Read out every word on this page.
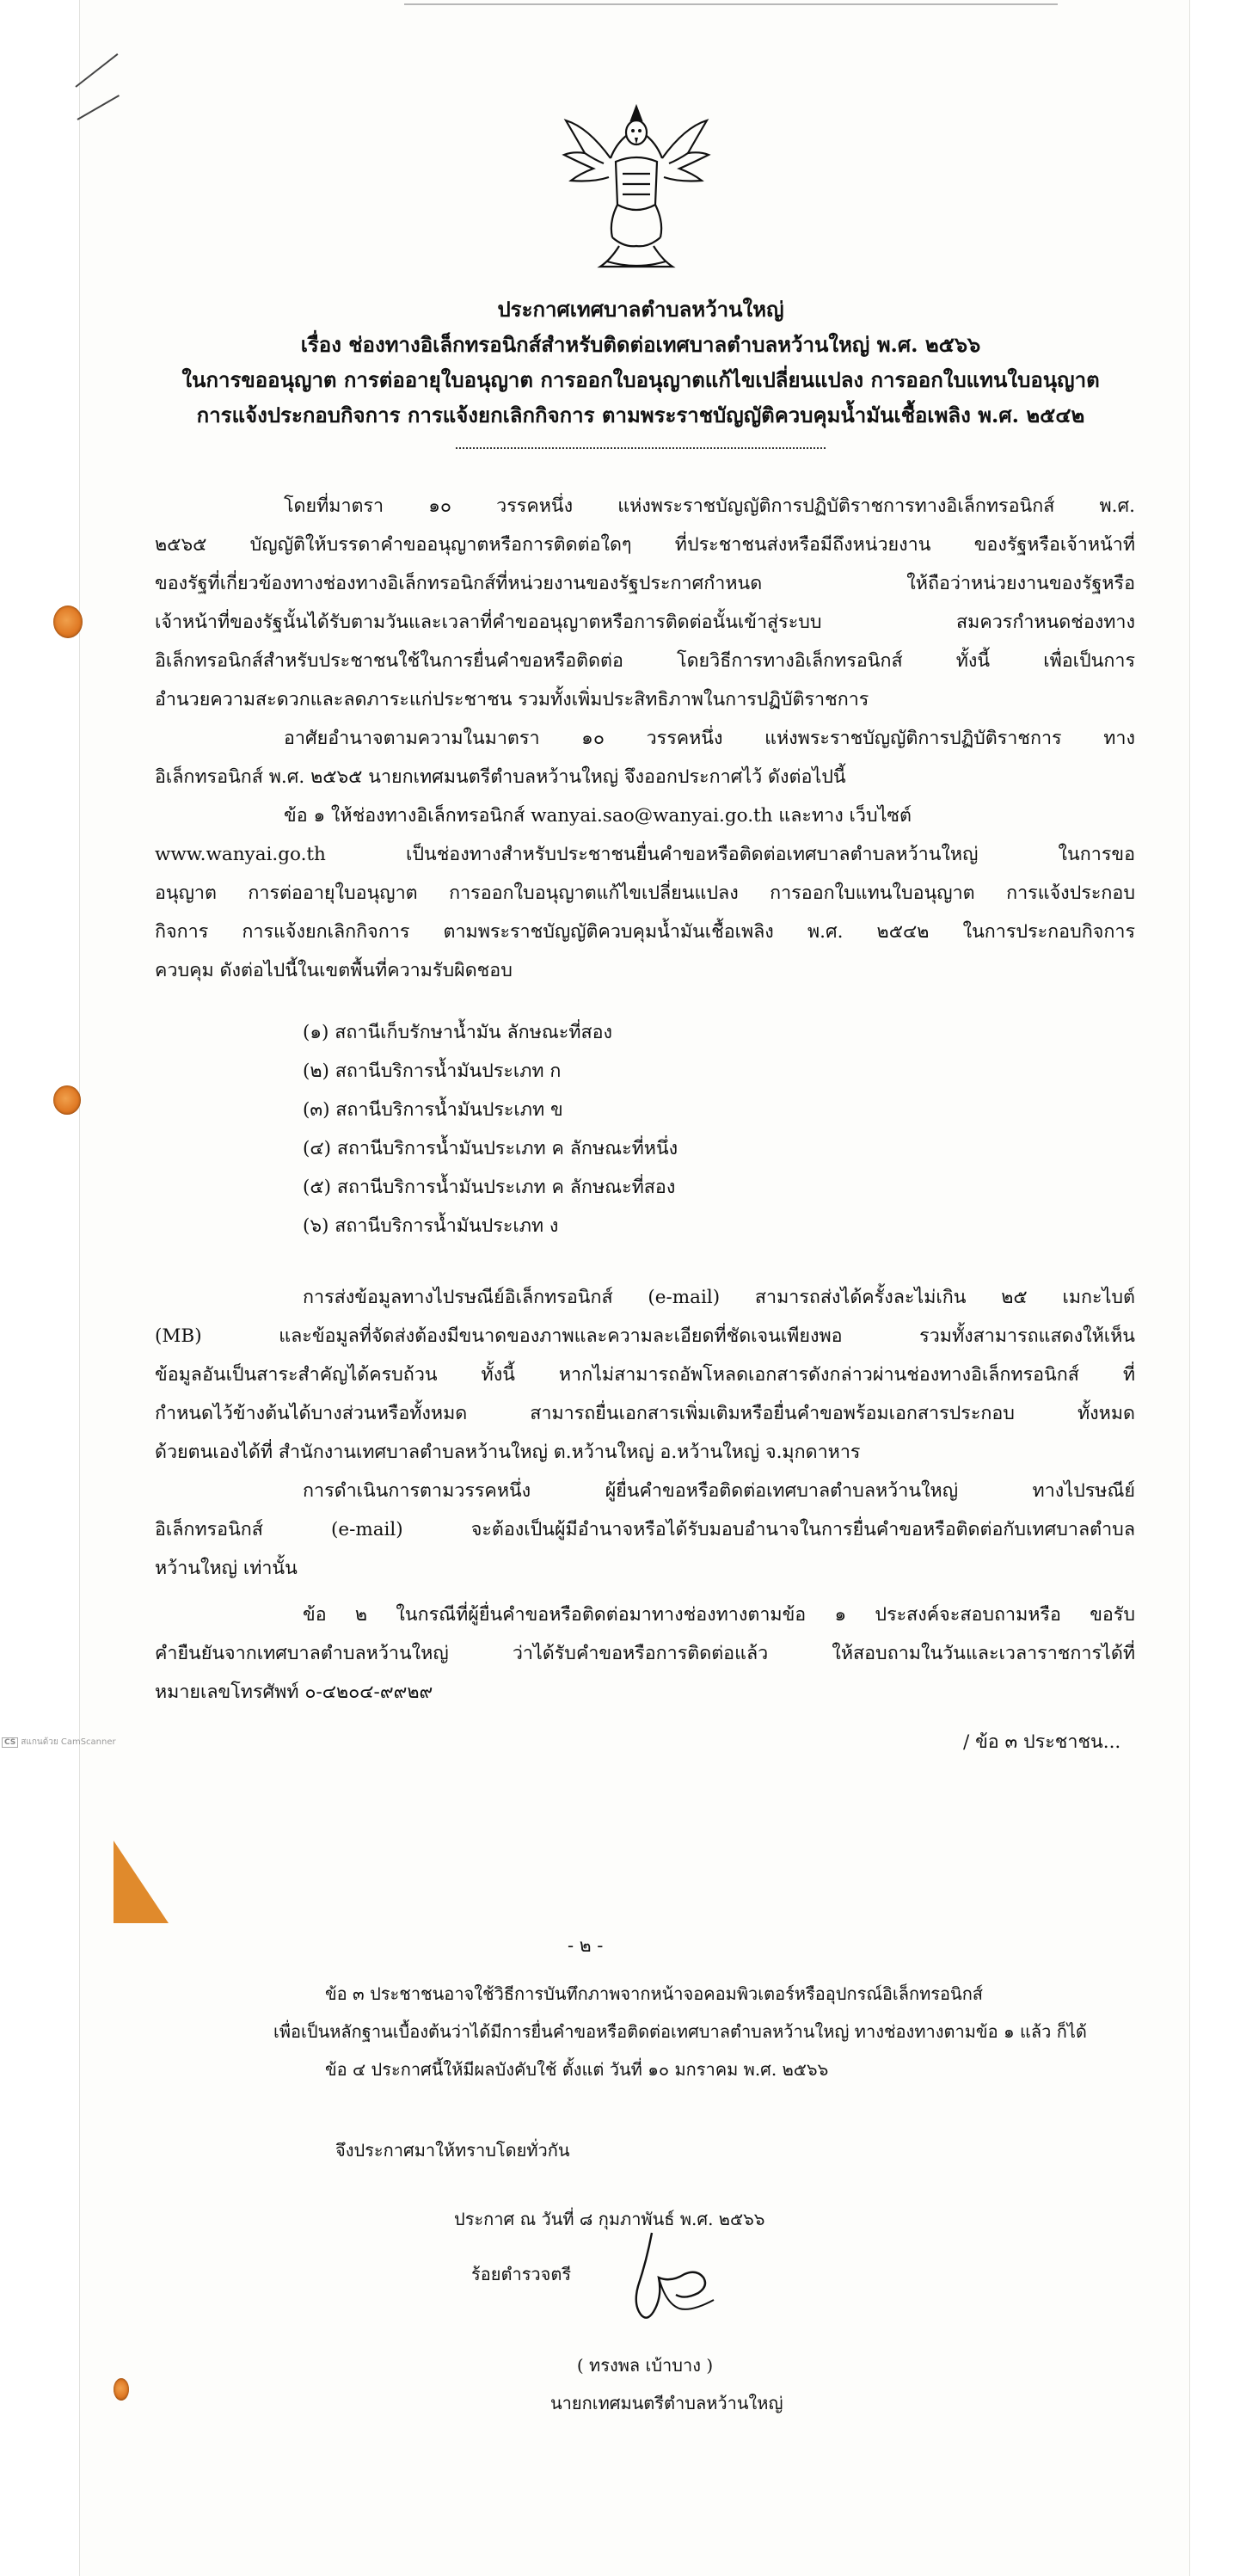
ประกาศเทศบาลตำบลหว้านใหญ่
เรื่อง ช่องทางอิเล็กทรอนิกส์สำหรับติดต่อเทศบาลตำบลหว้านใหญ่ พ.ศ. ๒๕๖๖
ในการขออนุญาต การต่ออายุใบอนุญาต การออกใบอนุญาตแก้ไขเปลี่ยนแปลง การออกใบแทนใบอนุญาต
การแจ้งประกอบกิจการ การแจ้งยกเลิกกิจการ ตามพระราชบัญญัติควบคุมน้ำมันเชื้อเพลิง พ.ศ. ๒๕๔๒

โดยที่มาตรา ๑๐ วรรคหนึ่ง แห่งพระราชบัญญัติการปฏิบัติราชการทางอิเล็กทรอนิกส์ พ.ศ.

๒๕๖๕ บัญญัติให้บรรดาคำขออนุญาตหรือการติดต่อใดๆ ที่ประชาชนส่งหรือมีถึงหน่วยงาน ของรัฐหรือเจ้าหน้าที่

ของรัฐที่เกี่ยวข้องทางช่องทางอิเล็กทรอนิกส์ที่หน่วยงานของรัฐประกาศกำหนด ให้ถือว่าหน่วยงานของรัฐหรือ

เจ้าหน้าที่ของรัฐนั้นได้รับตามวันและเวลาที่คำขออนุญาตหรือการติดต่อนั้นเข้าสู่ระบบ สมควรกำหนดช่องทาง

อิเล็กทรอนิกส์สำหรับประชาชนใช้ในการยื่นคำขอหรือติดต่อ โดยวิธีการทางอิเล็กทรอนิกส์ ทั้งนี้ เพื่อเป็นการ

อำนวยความสะดวกและลดภาระแก่ประชาชน รวมทั้งเพิ่มประสิทธิภาพในการปฏิบัติราชการ

อาศัยอำนาจตามความในมาตรา ๑๐ วรรคหนึ่ง แห่งพระราชบัญญัติการปฏิบัติราชการ ทาง

อิเล็กทรอนิกส์ พ.ศ. ๒๕๖๕ นายกเทศมนตรีตำบลหว้านใหญ่ จึงออกประกาศไว้ ดังต่อไปนี้

ข้อ ๑ ให้ช่องทางอิเล็กทรอนิกส์ wanyai.sao@wanyai.go.th และทาง เว็บไซต์

www.wanyai.go.th เป็นช่องทางสำหรับประชาชนยื่นคำขอหรือติดต่อเทศบาลตำบลหว้านใหญ่ ในการขอ

อนุญาต การต่ออายุใบอนุญาต การออกใบอนุญาตแก้ไขเปลี่ยนแปลง การออกใบแทนใบอนุญาต การแจ้งประกอบ

กิจการ การแจ้งยกเลิกกิจการ ตามพระราชบัญญัติควบคุมน้ำมันเชื้อเพลิง พ.ศ. ๒๕๔๒ ในการประกอบกิจการ

ควบคุม ดังต่อไปนี้ในเขตพื้นที่ความรับผิดชอบ

(๑) สถานีเก็บรักษาน้ำมัน ลักษณะที่สอง

(๒) สถานีบริการน้ำมันประเภท ก

(๓) สถานีบริการน้ำมันประเภท ข

(๔) สถานีบริการน้ำมันประเภท ค ลักษณะที่หนึ่ง

(๕) สถานีบริการน้ำมันประเภท ค ลักษณะที่สอง

(๖) สถานีบริการน้ำมันประเภท ง

การส่งข้อมูลทางไปรษณีย์อิเล็กทรอนิกส์ (e-mail) สามารถส่งได้ครั้งละไม่เกิน ๒๕ เมกะไบต์

(MB) และข้อมูลที่จัดส่งต้องมีขนาดของภาพและความละเอียดที่ชัดเจนเพียงพอ รวมทั้งสามารถแสดงให้เห็น

ข้อมูลอันเป็นสาระสำคัญได้ครบถ้วน ทั้งนี้ หากไม่สามารถอัพโหลดเอกสารดังกล่าวผ่านช่องทางอิเล็กทรอนิกส์ ที่

กำหนดไว้ข้างต้นได้บางส่วนหรือทั้งหมด สามารถยื่นเอกสารเพิ่มเติมหรือยื่นคำขอพร้อมเอกสารประกอบ ทั้งหมด

ด้วยตนเองได้ที่ สำนักงานเทศบาลตำบลหว้านใหญ่ ต.หว้านใหญ่ อ.หว้านใหญ่ จ.มุกดาหาร

การดำเนินการตามวรรคหนึ่ง ผู้ยื่นคำขอหรือติดต่อเทศบาลตำบลหว้านใหญ่ ทางไปรษณีย์

อิเล็กทรอนิกส์ (e-mail) จะต้องเป็นผู้มีอำนาจหรือได้รับมอบอำนาจในการยื่นคำขอหรือติดต่อกับเทศบาลตำบล

หว้านใหญ่ เท่านั้น

ข้อ ๒ ในกรณีที่ผู้ยื่นคำขอหรือติดต่อมาทางช่องทางตามข้อ ๑ ประสงค์จะสอบถามหรือ ขอรับ

คำยืนยันจากเทศบาลตำบลหว้านใหญ่ ว่าได้รับคำขอหรือการติดต่อแล้ว ให้สอบถามในวันและเวลาราชการได้ที่

หมายเลขโทรศัพท์ ๐-๔๒๐๔-๙๙๒๙

/ ข้อ ๓ ประชาชน...

CS สแกนด้วย CamScanner
- ๒ -

ข้อ ๓ ประชาชนอาจใช้วิธีการบันทึกภาพจากหน้าจอคอมพิวเตอร์หรืออุปกรณ์อิเล็กทรอนิกส์

เพื่อเป็นหลักฐานเบื้องต้นว่าได้มีการยื่นคำขอหรือติดต่อเทศบาลตำบลหว้านใหญ่ ทางช่องทางตามข้อ ๑ แล้ว ก็ได้

ข้อ ๔ ประกาศนี้ให้มีผลบังคับใช้ ตั้งแต่ วันที่ ๑๐ มกราคม พ.ศ. ๒๕๖๖

จึงประกาศมาให้ทราบโดยทั่วกัน

ประกาศ ณ วันที่ ๘ กุมภาพันธ์ พ.ศ. ๒๕๖๖

ร้อยตำรวจตรี

( ทรงพล เบ้าบาง )

นายกเทศมนตรีตำบลหว้านใหญ่
